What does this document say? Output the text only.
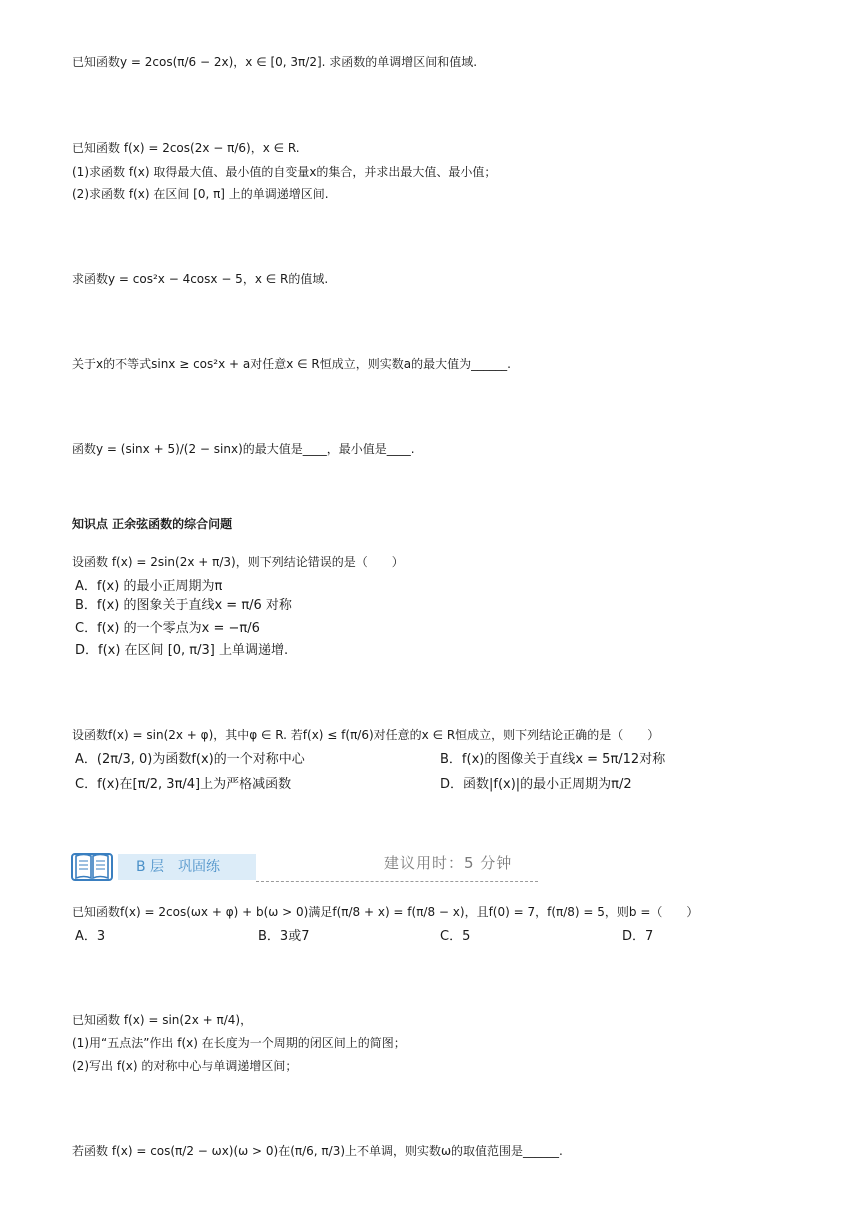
已知函数y = 2cos(π/6 − 2x)，x ∈ [0, 3π/2]. 求函数的单调增区间和值域.
已知函数 f(x) = 2cos(2x − π/6)，x ∈ R.
(1)求函数 f(x) 取得最大值、最小值的自变量x的集合，并求出最大值、最小值；
(2)求函数 f(x) 在区间 [0, π] 上的单调递增区间.
求函数y = cos²x − 4cosx − 5，x ∈ R的值域.
关于x的不等式sinx ≥ cos²x + a对任意x ∈ R恒成立，则实数a的最大值为______.
函数y = (sinx + 5)/(2 − sinx)的最大值是____，最小值是____.
知识点 正余弦函数的综合问题
设函数 f(x) = 2sin(2x + π/3)，则下列结论错误的是（　　）
A．f(x) 的最小正周期为π
B．f(x) 的图象关于直线x = π/6 对称
C．f(x) 的一个零点为x = −π/6
D．f(x) 在区间 [0, π/3] 上单调递增.
设函数f(x) = sin(2x + φ)，其中φ ∈ R. 若f(x) ≤ f(π/6)对任意的x ∈ R恒成立，则下列结论正确的是（　　）
A．(2π/3, 0)为函数f(x)的一个对称中心	B．f(x)的图像关于直线x = 5π/12对称
C．f(x)在[π/2, 3π/4]上为严格减函数	D．函数|f(x)|的最小正周期为π/2
B 层　巩固练	建议用时：5 分钟
已知函数f(x) = 2cos(ωx + φ) + b(ω > 0)满足f(π/8 + x) = f(π/8 − x)，且f(0) = 7，f(π/8) = 5，则b =（　　）
A．3	B．3或7	C．5	D．7
已知函数 f(x) = sin(2x + π/4)，
(1)用“五点法”作出 f(x) 在长度为一个周期的闭区间上的简图；
(2)写出 f(x) 的对称中心与单调递增区间；
若函数 f(x) = cos(π/2 − ωx)(ω > 0)在(π/6, π/3)上不单调，则实数ω的取值范围是______.
